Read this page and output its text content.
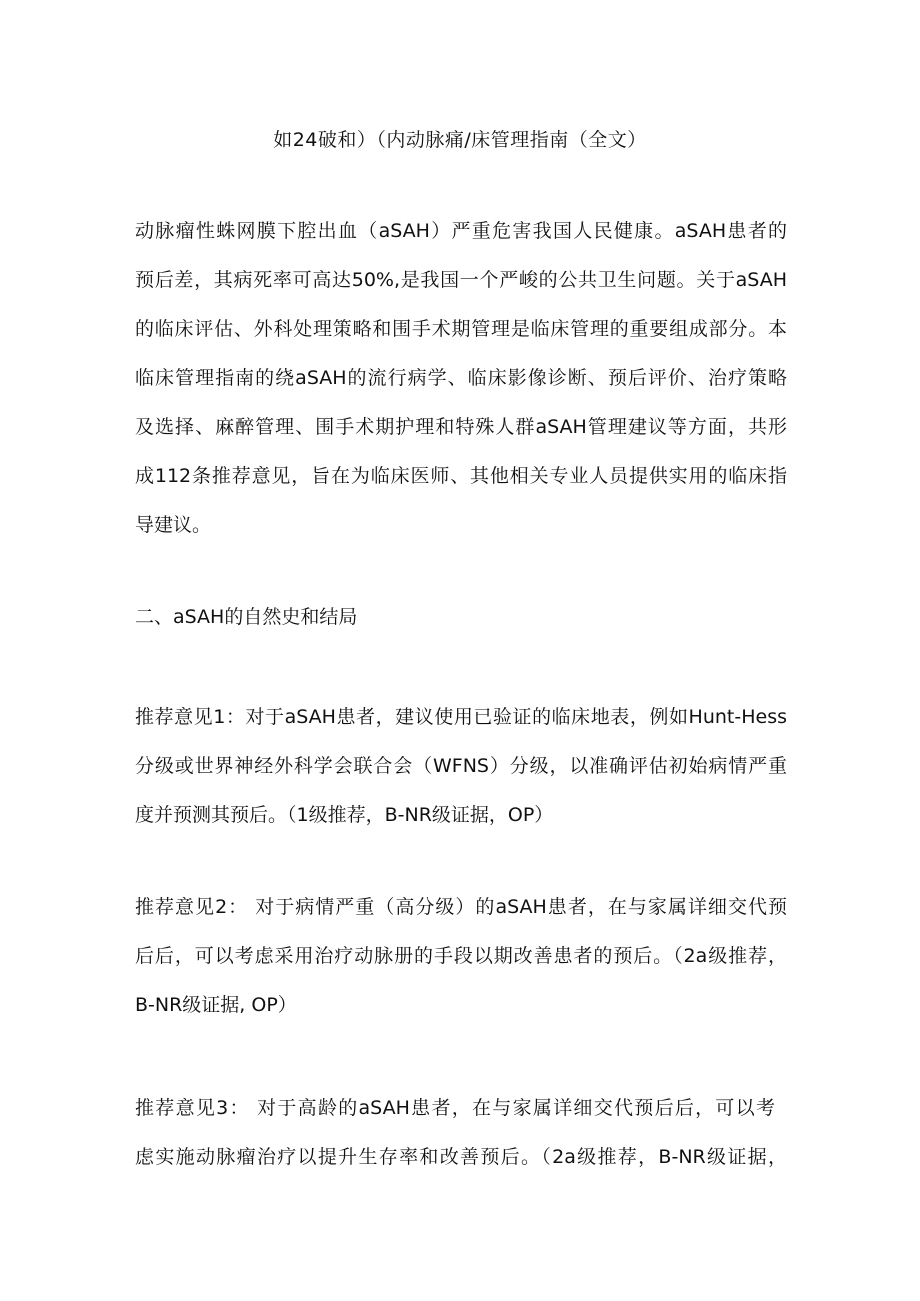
如24破和）（内动脉痛/床管理指南（全文）
动脉瘤性蛛网膜下腔出血（aSAH）严重危害我国人民健康。aSAH患者的
预后差，其病死率可高达50%,是我国一个严峻的公共卫生问题。关于aSAH
的临床评估、外科处理策略和围手术期管理是临床管理的重要组成部分。本
临床管理指南的绕aSAH的流行病学、临床影像诊断、预后评价、治疗策略
及选择、麻醉管理、围手术期护理和特殊人群aSAH管理建议等方面，共形
成112条推荐意见，旨在为临床医师、其他相关专业人员提供实用的临床指
导建议。
二、aSAH的自然史和结局
推荐意见1：对于aSAH患者，建议使用已验证的临床地表，例如Hunt-Hess
分级或世界神经外科学会联合会（WFNS）分级，以准确评估初始病情严重
度并预测其预后。（1级推荐，B-NR级证据，OP）
推荐意见2： 对于病情严重（高分级）的aSAH患者，在与家属详细交代预
后后，可以考虑采用治疗动脉册的手段以期改善患者的预后。（2a级推荐，
B-NR级证据, OP）
推荐意见3： 对于高龄的aSAH患者，在与家属详细交代预后后，可以考
虑实施动脉瘤治疗以提升生存率和改善预后。（2a级推荐，B-NR级证据，
